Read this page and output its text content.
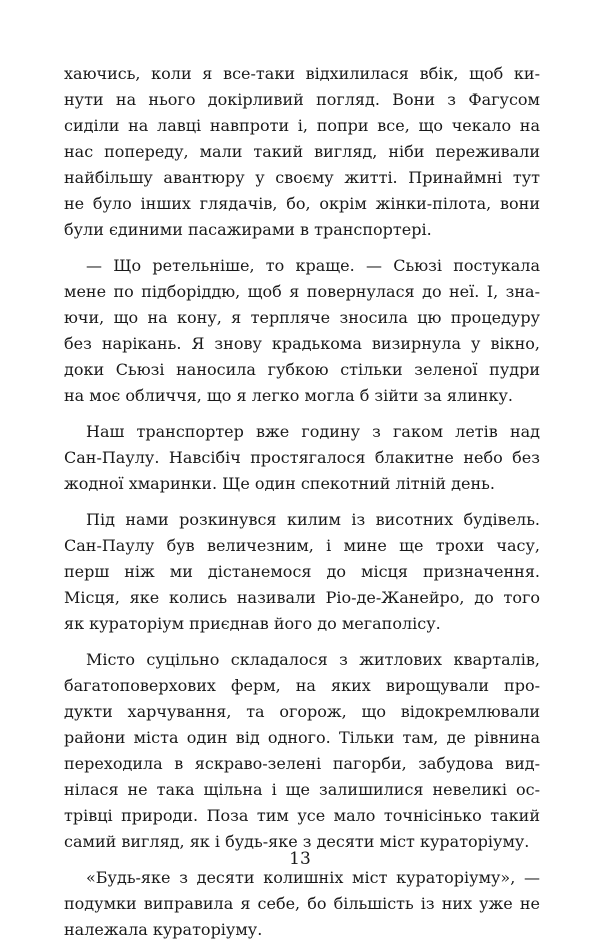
хаючись, коли я все-таки відхилилася вбік, щоб ки-
нути на нього докірливий погляд. Вони з Фагусом
сиділи на лавці навпроти і, попри все, що чекало на
нас попереду, мали такий вигляд, ніби переживали
найбільшу авантюру у своєму житті. Принаймні тут
не було інших глядачів, бо, окрім жінки-пілота, вони
були єдиними пасажирами в транспортері.
— Що ретельніше, то краще. — Сьюзі постукала
мене по підборіддю, щоб я повернулася до неї. І, зна-
ючи, що на кону, я терпляче зносила цю процедуру
без нарікань. Я знову крадькома визирнула у вікно,
доки Сьюзі наносила губкою стільки зеленої пудри
на моє обличчя, що я легко могла б зійти за ялинку.
Наш транспортер вже годину з гаком летів над
Сан-Паулу. Навсібіч простягалося блакитне небо без
жодної хмаринки. Ще один спекотний літній день.
Під нами розкинувся килим із висотних будівель.
Сан-Паулу був величезним, і мине ще трохи часу,
перш ніж ми дістанемося до місця призначення.
Місця, яке колись називали Ріо-де-Жанейро, до того
як кураторіум приєднав його до мегаполісу.
Місто суцільно складалося з житлових кварталів,
багатоповерхових ферм, на яких вирощували про-
дукти харчування, та огорож, що відокремлювали
райони міста один від одного. Тільки там, де рівнина
переходила в яскраво-зелені пагорби, забудова вид-
нілася не така щільна і ще залишилися невеликі ос-
трівці природи. Поза тим усе мало точнісінько такий
самий вигляд, як і будь-яке з десяти міст кураторіуму.
«Будь-яке з десяти колишніх міст кураторіуму», —
подумки виправила я себе, бо більшість із них уже не
належала кураторіуму.
13
